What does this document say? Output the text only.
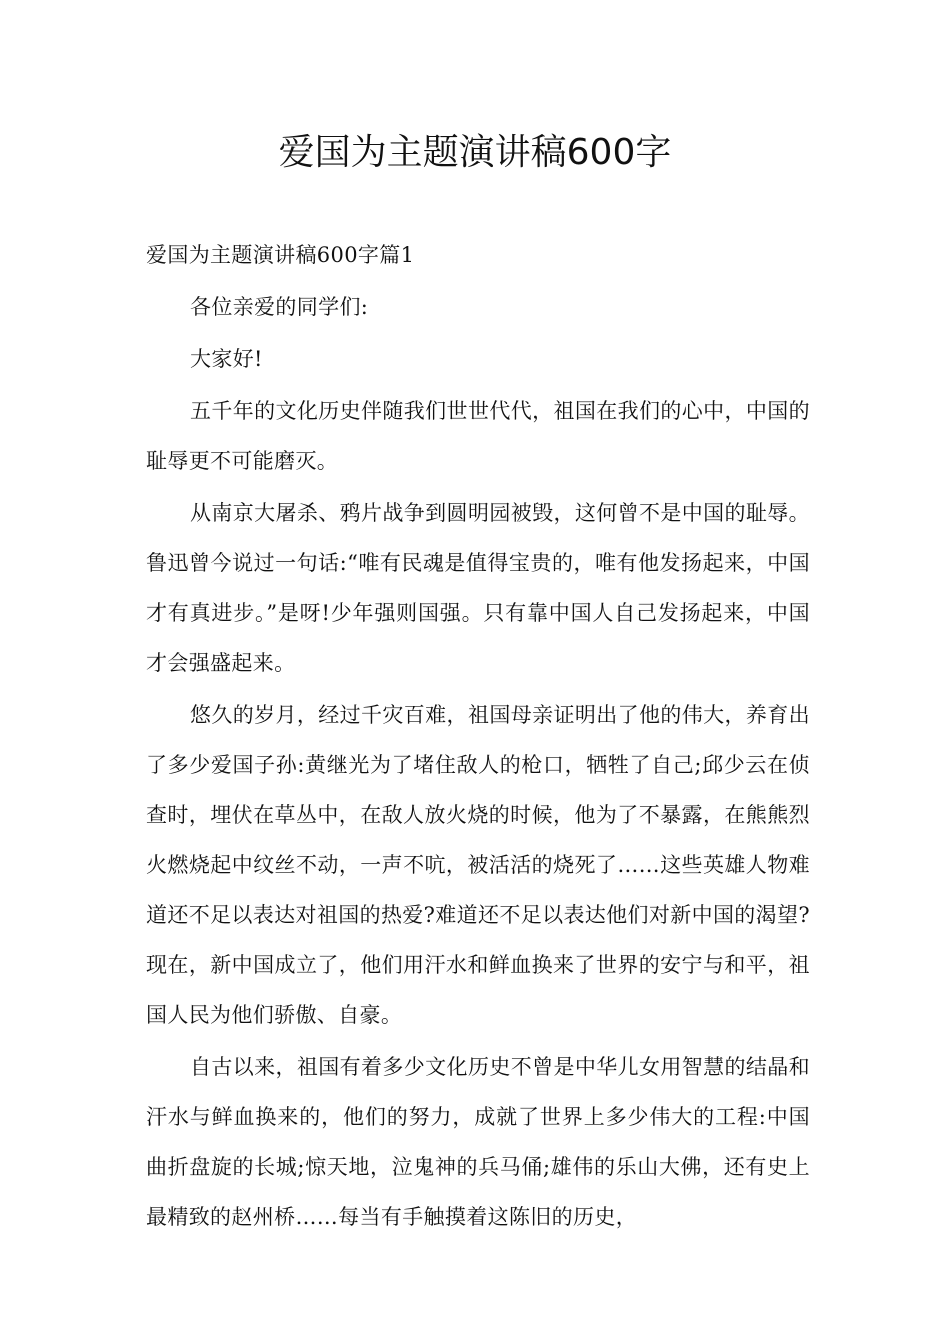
爱国为主题演讲稿600字

爱国为主题演讲稿600字篇1

各位亲爱的同学们:

大家好!

五千年的文化历史伴随我们世世代代，祖国在我们的心中，中国的耻辱更不可能磨灭。

从南京大屠杀、鸦片战争到圆明园被毁，这何曾不是中国的耻辱。鲁迅曾今说过一句话:“唯有民魂是值得宝贵的，唯有他发扬起来，中国才有真进步。”是呀!少年强则国强。只有靠中国人自己发扬起来，中国才会强盛起来。

悠久的岁月，经过千灾百难，祖国母亲证明出了他的伟大，养育出了多少爱国子孙:黄继光为了堵住敌人的枪口，牺牲了自己;邱少云在侦查时，埋伏在草丛中，在敌人放火烧的时候，他为了不暴露，在熊熊烈火燃烧起中纹丝不动，一声不吭，被活活的烧死了……这些英雄人物难道还不足以表达对祖国的热爱?难道还不足以表达他们对新中国的渴望?现在，新中国成立了，他们用汗水和鲜血换来了世界的安宁与和平，祖国人民为他们骄傲、自豪。

自古以来，祖国有着多少文化历史不曾是中华儿女用智慧的结晶和汗水与鲜血换来的，他们的努力，成就了世界上多少伟大的工程:中国曲折盘旋的长城;惊天地，泣鬼神的兵马俑;雄伟的乐山大佛，还有史上最精致的赵州桥……每当有手触摸着这陈旧的历史，
